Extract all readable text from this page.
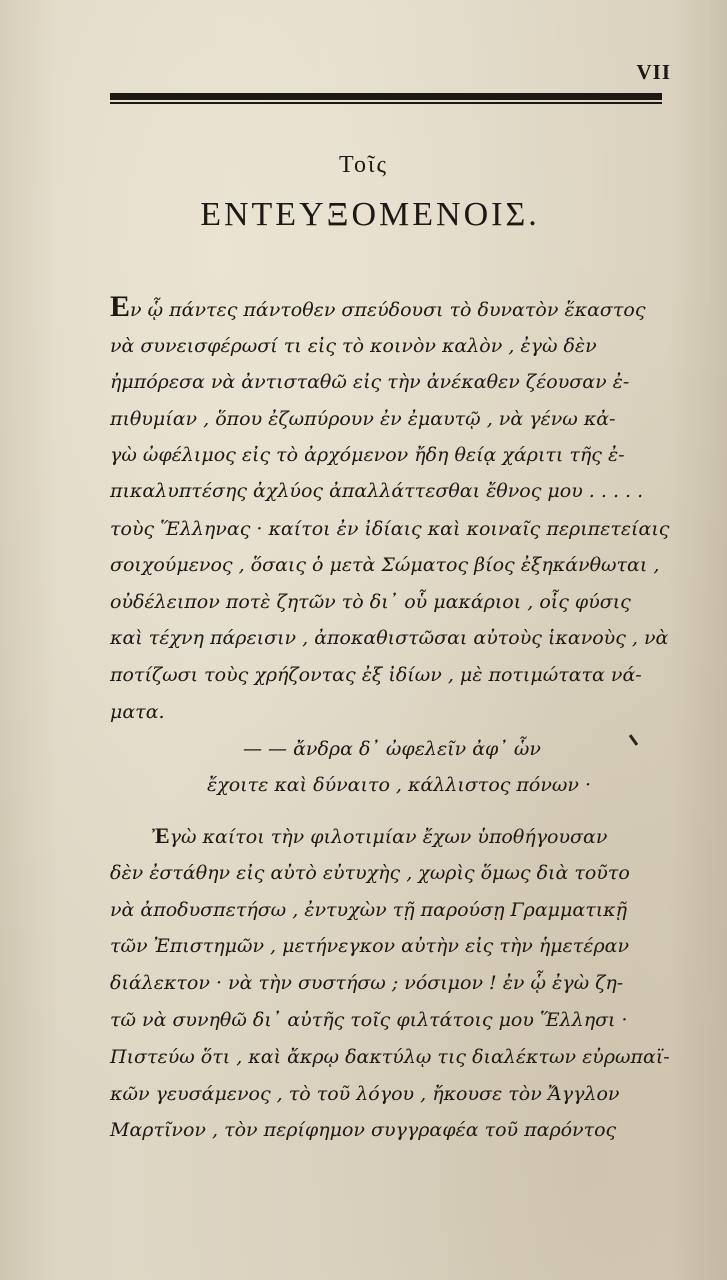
VII
Τοῖς
ΕΝΤΕΥΞΟΜΕΝΟΙΣ.
Εν ᾧ πάντες πάντοθεν σπεύδουσι τὸ δυνατὸν ἕκαστος
νὰ συνεισφέρωσί τι εἰς τὸ κοινὸν καλὸν , ἐγὼ δὲν
ἠμπόρεσα νὰ ἀντισταθῶ εἰς τὴν ἀνέκαθεν ζέουσαν ἐ-
πιθυμίαν , ὅπου ἐζωπύρουν ἐν ἐμαυτῷ , νὰ γένω κἀ-
γὼ ὠφέλιμος εἰς τὸ ἀρχόμενον ἤδη θείᾳ χάριτι τῆς ἐ-
πικαλυπτέσης ἀχλύος ἀπαλλάττεσθαι ἔθνος μου . . . . .
τοὺς Ἕλληνας · καίτοι ἐν ἰδίαις καὶ κοιναῖς περιπετείαις
σοιχούμενος , ὅσαις ὁ μετὰ Σώματος βίος ἐξηκάνθωται ,
οὐδέλειπον ποτὲ ζητῶν τὸ δι᾽ οὗ μακάριοι , οἷς φύσις
καὶ τέχνη πάρεισιν , ἀποκαθιστῶσαι αὐτοὺς ἱκανοὺς , νὰ
ποτίζωσι τοὺς χρήζοντας ἐξ ἰδίων , μὲ ποτιμώτατα νά-
ματα.
— — ἄνδρα δ᾽ ὠφελεῖν ἀφ᾽ ὧν
ἔχοιτε καὶ δύναιτο , κάλλιστος πόνων ·
Ἐγὼ καίτοι τὴν φιλοτιμίαν ἔχων ὑποθήγουσαν
δὲν ἐστάθην εἰς αὐτὸ εὐτυχὴς , χωρὶς ὅμως διὰ τοῦτο
νὰ ἀποδυσπετήσω , ἐντυχὼν τῇ παρούσῃ Γραμματικῇ
τῶν Ἐπιστημῶν , μετήνεγκον αὐτὴν εἰς τὴν ἡμετέραν
διάλεκτον · νὰ τὴν συστήσω ; νόσιμον ! ἐν ᾧ ἐγὼ ζη-
τῶ νὰ συνηθῶ δι᾽ αὐτῆς τοῖς φιλτάτοις μου Ἕλλησι ·
Πιστεύω ὅτι , καὶ ἄκρῳ δακτύλῳ τις διαλέκτων εὐρωπαϊ-
κῶν γευσάμενος , τὸ τοῦ λόγου , ἤκουσε τὸν Ἄγγλον
Μαρτῖνον , τὸν περίφημον συγγραφέα τοῦ παρόντος
